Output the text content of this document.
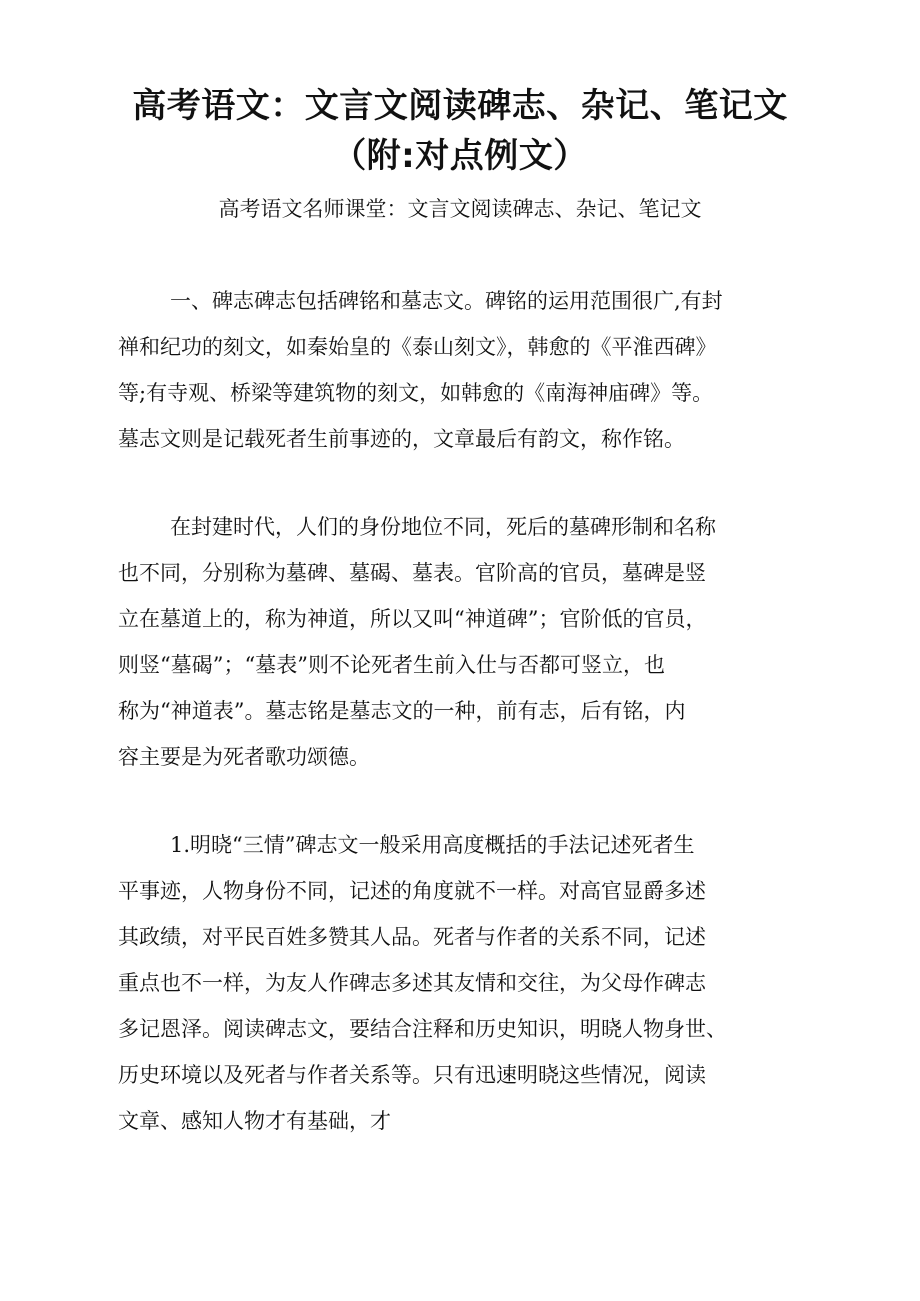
高考语文：文言文阅读碑志、杂记、笔记文
（附:对点例文）
高考语文名师课堂：文言文阅读碑志、杂记、笔记文
一、碑志碑志包括碑铭和墓志文。碑铭的运用范围很广,有封
禅和纪功的刻文，如秦始皇的《泰山刻文》，韩愈的《平淮西碑》
等;有寺观、桥梁等建筑物的刻文，如韩愈的《南海神庙碑》等。
墓志文则是记载死者生前事迹的，文章最后有韵文，称作铭。
在封建时代，人们的身份地位不同，死后的墓碑形制和名称
也不同，分别称为墓碑、墓碣、墓表。官阶高的官员，墓碑是竖
立在墓道上的，称为神道，所以又叫“神道碑”；官阶低的官员，
则竖“墓碣”；“墓表”则不论死者生前入仕与否都可竖立，也
称为“神道表”。墓志铭是墓志文的一种，前有志，后有铭，内
容主要是为死者歌功颂德。
1.明晓“三情”碑志文一般采用高度概括的手法记述死者生
平事迹，人物身份不同，记述的角度就不一样。对高官显爵多述
其政绩，对平民百姓多赞其人品。死者与作者的关系不同，记述
重点也不一样，为友人作碑志多述其友情和交往，为父母作碑志
多记恩泽。阅读碑志文，要结合注释和历史知识，明晓人物身世、
历史环境以及死者与作者关系等。只有迅速明晓这些情况，阅读
文章、感知人物才有基础，才
